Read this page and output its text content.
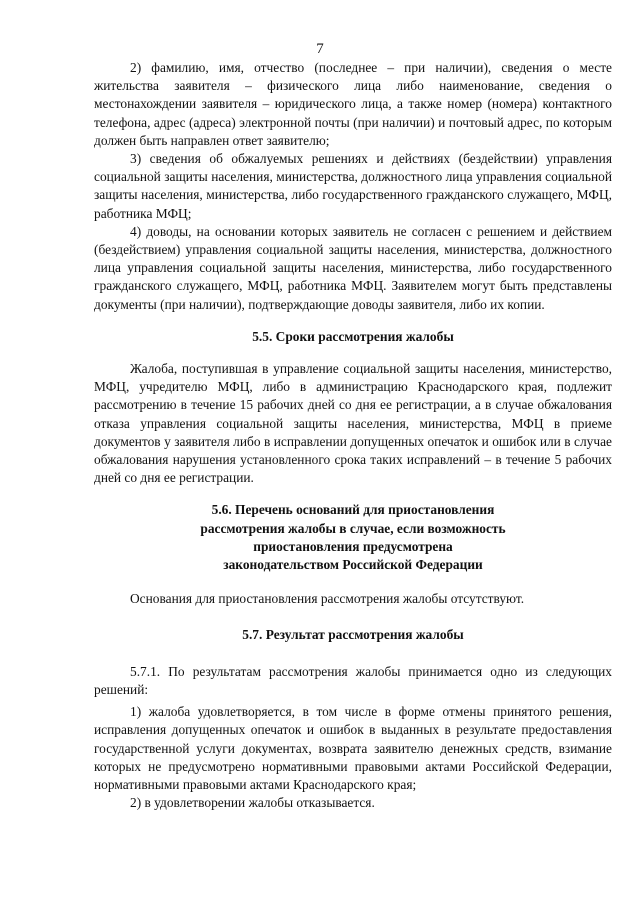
7

2) фамилию, имя, отчество (последнее – при наличии), сведения о месте жительства заявителя – физического лица либо наименование, сведения о местонахождении заявителя – юридического лица, а также номер (номера) контактного телефона, адрес (адреса) электронной почты (при наличии) и почтовый адрес, по которым должен быть направлен ответ заявителю;

3) сведения об обжалуемых решениях и действиях (бездействии) управления социальной защиты населения, министерства, должностного лица управления социальной защиты населения, министерства, либо государственного гражданского служащего, МФЦ, работника МФЦ;

4) доводы, на основании которых заявитель не согласен с решением и действием (бездействием) управления социальной защиты населения, министерства, должностного лица управления социальной защиты населения, министерства, либо государственного гражданского служащего, МФЦ, работника МФЦ. Заявителем могут быть представлены документы (при наличии), подтверждающие доводы заявителя, либо их копии.

5.5. Сроки рассмотрения жалобы

Жалоба, поступившая в управление социальной защиты населения, министерство, МФЦ, учредителю МФЦ, либо в администрацию Краснодарского края, подлежит рассмотрению в течение 15 рабочих дней со дня ее регистрации, а в случае обжалования отказа управления социальной защиты населения, министерства, МФЦ в приеме документов у заявителя либо в исправлении допущенных опечаток и ошибок или в случае обжалования нарушения установленного срока таких исправлений – в течение 5 рабочих дней со дня ее регистрации.

5.6. Перечень оснований для приостановления
рассмотрения жалобы в случае, если возможность
приостановления предусмотрена
законодательством Российской Федерации

Основания для приостановления рассмотрения жалобы отсутствуют.

5.7. Результат рассмотрения жалобы

5.7.1. По результатам рассмотрения жалобы принимается одно из следующих решений:

1) жалоба удовлетворяется, в том числе в форме отмены принятого решения, исправления допущенных опечаток и ошибок в выданных в результате предоставления государственной услуги документах, возврата заявителю денежных средств, взимание которых не предусмотрено нормативными правовыми актами Российской Федерации, нормативными правовыми актами Краснодарского края;

2) в удовлетворении жалобы отказывается.
